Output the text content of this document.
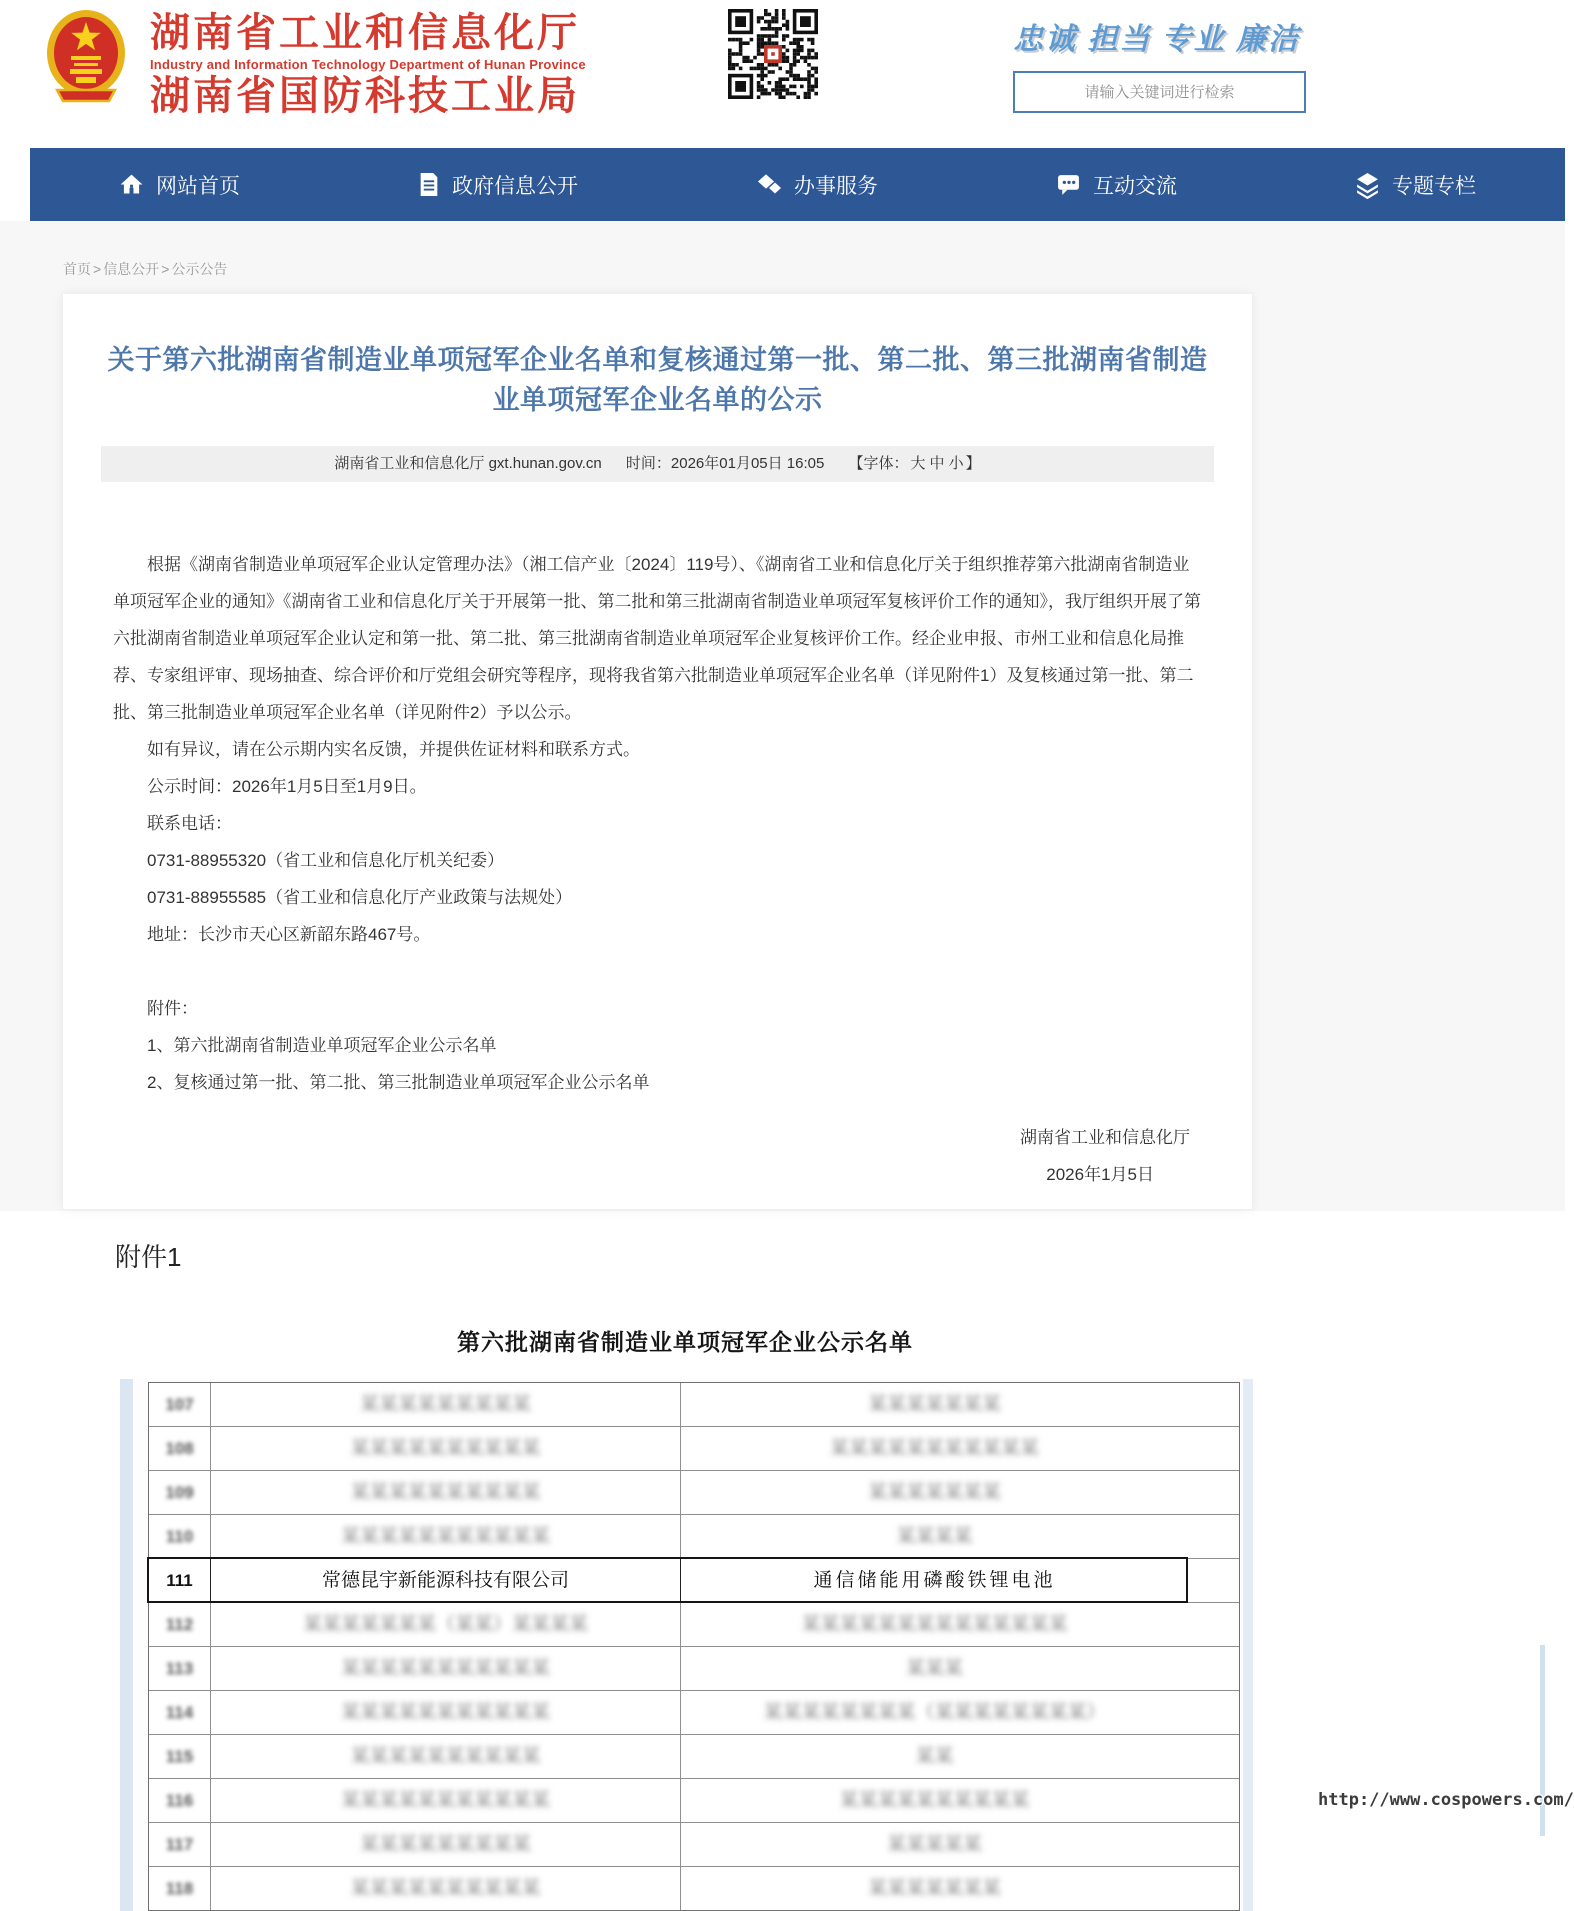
湖南省工业和信息化厅
Industry and Information Technology Department of Hunan Province
湖南省国防科技工业局
忠诚 担当 专业 廉洁
请输入关键词进行检索
网站首页	政府信息公开	办事服务	互动交流	专题专栏
首页 > 信息公开 > 公示公告
关于第六批湖南省制造业单项冠军企业名单和复核通过第一批、第二批、第三批湖南省制造业单项冠军企业名单的公示
湖南省工业和信息化厅 gxt.hunan.gov.cn 时间：2026年01月05日 16:05 【字体： 大 中 小 】

根据《湖南省制造业单项冠军企业认定管理办法》（湘工信产业〔2024〕119号）、《湖南省工业和信息化厅关于组织推荐第六批湖南省制造业单项冠军企业的通知》《湖南省工业和信息化厅关于开展第一批、第二批和第三批湖南省制造业单项冠军复核评价工作的通知》，我厅组织开展了第六批湖南省制造业单项冠军企业认定和第一批、第二批、第三批湖南省制造业单项冠军企业复核评价工作。经企业申报、市州工业和信息化局推荐、专家组评审、现场抽查、综合评价和厅党组会研究等程序，现将我省第六批制造业单项冠军企业名单（详见附件1）及复核通过第一批、第二批、第三批制造业单项冠军企业名单（详见附件2）予以公示。

如有异议，请在公示期内实名反馈，并提供佐证材料和联系方式。

公示时间：2026年1月5日至1月9日。

联系电话：

0731-88955320（省工业和信息化厅机关纪委）

0731-88955585（省工业和信息化厅产业政策与法规处）

地址：长沙市天心区新韶东路467号。

附件：

1、第六批湖南省制造业单项冠军企业公示名单

2、复核通过第一批、第二批、第三批制造业单项冠军企业公示名单

湖南省工业和信息化厅
2026年1月5日
附件1
第六批湖南省制造业单项冠军企业公示名单
107	某某某某某某某某某	某某某某某某某
108	某某某某某某某某某某	某某某某某某某某某某某
109	某某某某某某某某某某	某某某某某某某
110	某某某某某某某某某某某	某某某某
111	常德昆宇新能源科技有限公司	通信储能用磷酸铁锂电池
112	某某某某某某某（某某）某某某某	某某某某某某某某某某某某某某
113	某某某某某某某某某某某	某某某
114	某某某某某某某某某某某	某某某某某某某某（某某某某某某某某）
115	某某某某某某某某某某	某某
116	某某某某某某某某某某某	某某某某某某某某某某
117	某某某某某某某某某	某某某某某
118	某某某某某某某某某某	某某某某某某某
http://www.cospowers.com/
